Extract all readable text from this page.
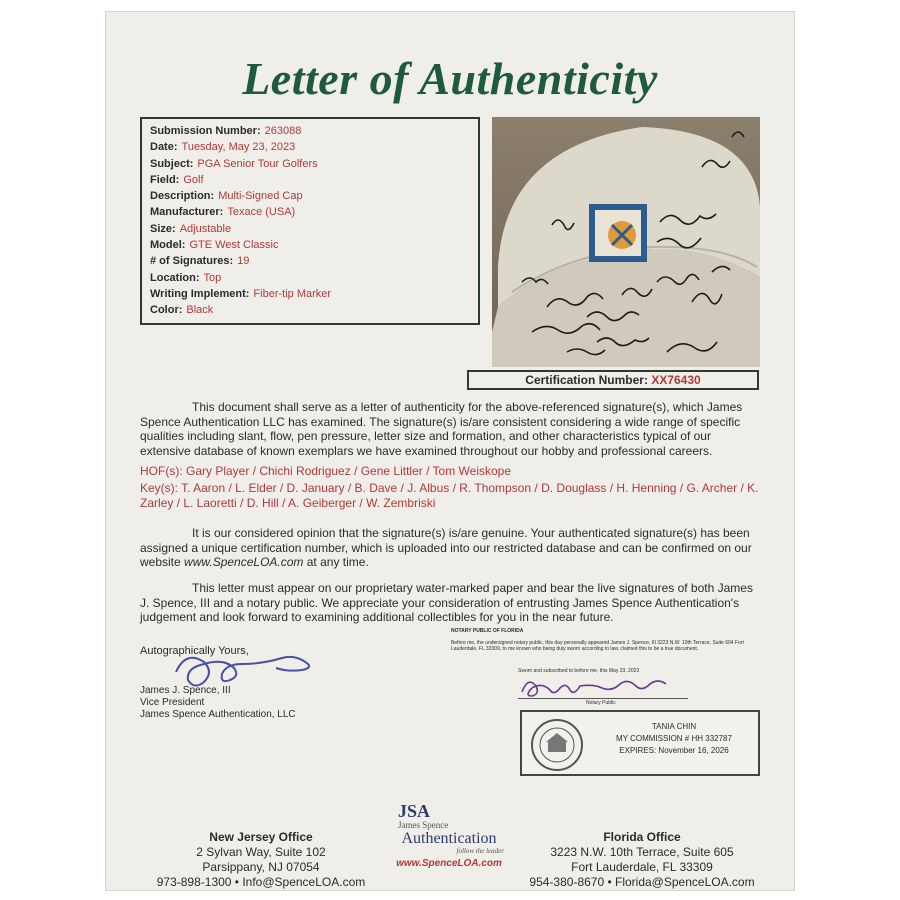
Letter of Authenticity
Submission Number: 263088
Date: Tuesday, May 23, 2023
Subject: PGA Senior Tour Golfers
Field: Golf
Description: Multi-Signed Cap
Manufacturer: Texace (USA)
Size: Adjustable
Model: GTE West Classic
# of Signatures: 19
Location: Top
Writing Implement: Fiber-tip Marker
Color: Black
Certification Number: XX76430
This document shall serve as a letter of authenticity for the above-referenced signature(s), which James Spence Authentication LLC has examined. The signature(s) is/are consistent considering a wide range of specific qualities including slant, flow, pen pressure, letter size and formation, and other characteristics typical of our extensive database of known exemplars we have examined throughout our hobby and professional careers.
HOF(s): Gary Player / Chichi Rodriguez / Gene Littler / Tom Weiskope
Key(s): T. Aaron / L. Elder / D. January / B. Dave / J. Albus / R. Thompson / D. Douglass / H. Henning / G. Archer / K. Zarley / L. Laoretti / D. Hill / A. Geiberger / W. Zembriski
It is our considered opinion that the signature(s) is/are genuine. Your authenticated signature(s) has been assigned a unique certification number, which is uploaded into our restricted database and can be confirmed on our website www.SpenceLOA.com at any time.
This letter must appear on our proprietary water-marked paper and bear the live signatures of both James J. Spence, III and a notary public. We appreciate your consideration of entrusting James Spence Authentication's judgement and look forward to examining additional collectibles for you in the near future.
Autographically Yours,
James J. Spence, III
Vice President
James Spence Authentication, LLC
NOTARY PUBLIC OF FLORIDA
Before me, the undersigned notary public, this day personally appeared James J. Spence, III 3223 N.W. 10th Terrace, Suite 604 Fort Lauderdale, FL 33309, to me known who being duly sworn according to law, claimed this to be a true document.
Sworn and subscribed to before me, this May 23, 2023
Notary Public
TANIA CHIN
MY COMMISSION # HH 332787
EXPIRES: November 16, 2026
New Jersey Office
2 Sylvan Way, Suite 102
Parsippany, NJ 07054
973-898-1300 • Info@SpenceLOA.com
Florida Office
3223 N.W. 10th Terrace, Suite 605
Fort Lauderdale, FL 33309
954-380-8670 • Florida@SpenceLOA.com
JSA
James Spence
Authentication
follow the leader
www.SpenceLOA.com
